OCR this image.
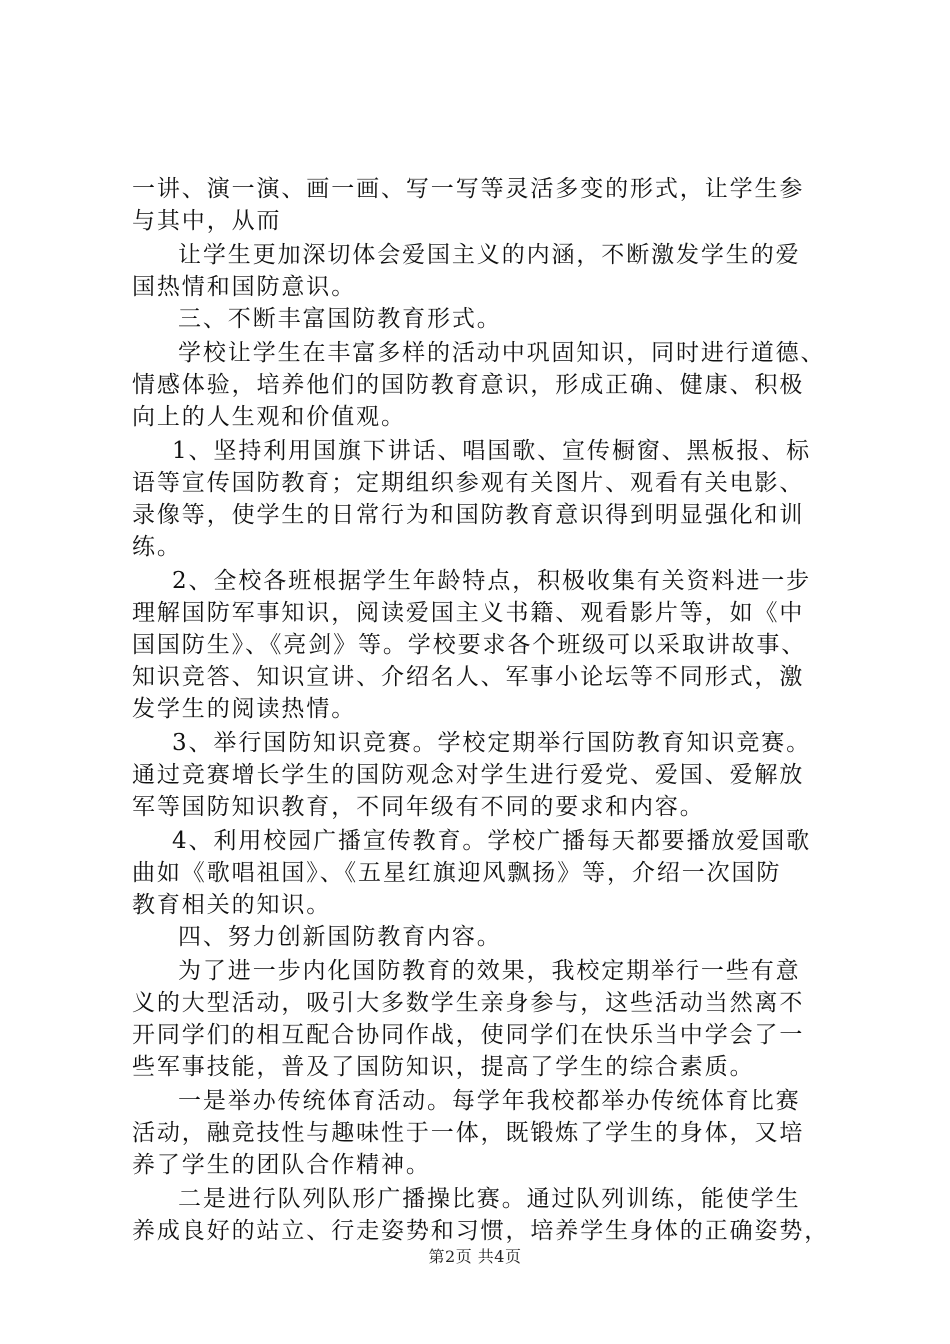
一讲、演一演、画一画、写一写等灵活多变的形式，让学生参
与其中，从而
让学生更加深切体会爱国主义的内涵，不断激发学生的爱
国热情和国防意识。
三、不断丰富国防教育形式。
学校让学生在丰富多样的活动中巩固知识，同时进行道德、
情感体验，培养他们的国防教育意识，形成正确、健康、积极
向上的人生观和价值观。
1、坚持利用国旗下讲话、唱国歌、宣传橱窗、黑板报、标
语等宣传国防教育；定期组织参观有关图片、观看有关电影、
录像等，使学生的日常行为和国防教育意识得到明显强化和训
练。
2、全校各班根据学生年龄特点，积极收集有关资料进一步
理解国防军事知识，阅读爱国主义书籍、观看影片等，如《中
国国防生》、《亮剑》等。学校要求各个班级可以采取讲故事、
知识竞答、知识宣讲、介绍名人、军事小论坛等不同形式，激
发学生的阅读热情。
3、举行国防知识竞赛。学校定期举行国防教育知识竞赛。
通过竞赛增长学生的国防观念对学生进行爱党、爱国、爱解放
军等国防知识教育，不同年级有不同的要求和内容。
4、利用校园广播宣传教育。学校广播每天都要播放爱国歌
曲如《歌唱祖国》、《五星红旗迎风飘扬》等，介绍一次国防
教育相关的知识。
四、努力创新国防教育内容。
为了进一步内化国防教育的效果，我校定期举行一些有意
义的大型活动，吸引大多数学生亲身参与，这些活动当然离不
开同学们的相互配合协同作战，使同学们在快乐当中学会了一
些军事技能，普及了国防知识，提高了学生的综合素质。
一是举办传统体育活动。每学年我校都举办传统体育比赛
活动，融竞技性与趣味性于一体，既锻炼了学生的身体，又培
养了学生的团队合作精神。
二是进行队列队形广播操比赛。通过队列训练，能使学生
养成良好的站立、行走姿势和习惯，培养学生身体的正确姿势，
第2页 共4页
